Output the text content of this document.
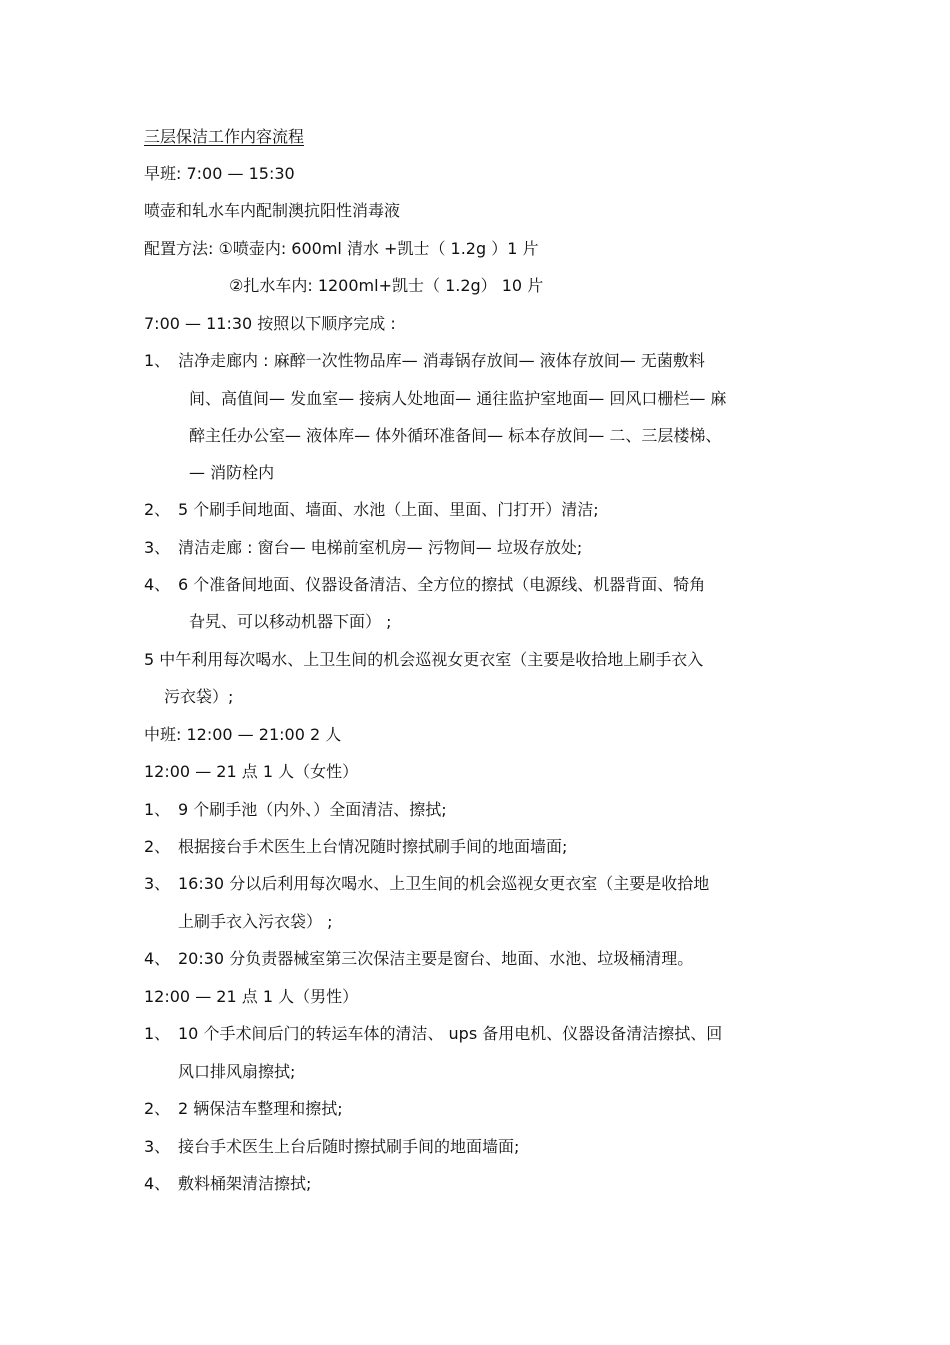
三层保洁工作内容流程
早班: 7:00 — 15:30
喷壶和轧水车内配制澳抗阳性消毒液
配置方法: ①喷壶内: 600ml 清水 +凯士（ 1.2g ）1 片
②扎水车内: 1200ml+凯士（ 1.2g） 10 片
7:00 — 11:30 按照以下顺序完成 :
1、 洁净走廊内 : 麻醉一次性物品库— 消毒锅存放间— 液体存放间— 无菌敷料
间、高值间— 发血室— 接病人处地面— 通往监护室地面— 回风口栅栏— 麻
醉主任办公室— 液体库— 体外循环准备间— 标本存放间— 二、三层楼梯、
— 消防栓内
2、 5 个刷手间地面、墙面、水池（上面、里面、门打开）清洁;
3、 清洁走廊 : 窗台— 电梯前室机房— 污物间— 垃圾存放处;
4、 6 个准备间地面、仪器设备清洁、全方位的擦拭（电源线、机器背面、犄角
旮旯、可以移动机器下面） ;
5 中午利用每次喝水、上卫生间的机会巡视女更衣室（主要是收拾地上刷手衣入
污衣袋）;
中班: 12:00 — 21:00 2 人
12:00 — 21 点 1 人（女性）
1、 9 个刷手池（内外、）全面清洁、擦拭;
2、 根据接台手术医生上台情况随时擦拭刷手间的地面墙面;
3、 16:30 分以后利用每次喝水、上卫生间的机会巡视女更衣室（主要是收拾地
上刷手衣入污衣袋） ;
4、 20:30 分负责器械室第三次保洁主要是窗台、地面、水池、垃圾桶清理。
12:00 — 21 点 1 人（男性）
1、 10 个手术间后门的转运车体的清洁、 ups 备用电机、仪器设备清洁擦拭、回
风口排风扇擦拭;
2、 2 辆保洁车整理和擦拭;
3、 接台手术医生上台后随时擦拭刷手间的地面墙面;
4、 敷料桶架清洁擦拭;
